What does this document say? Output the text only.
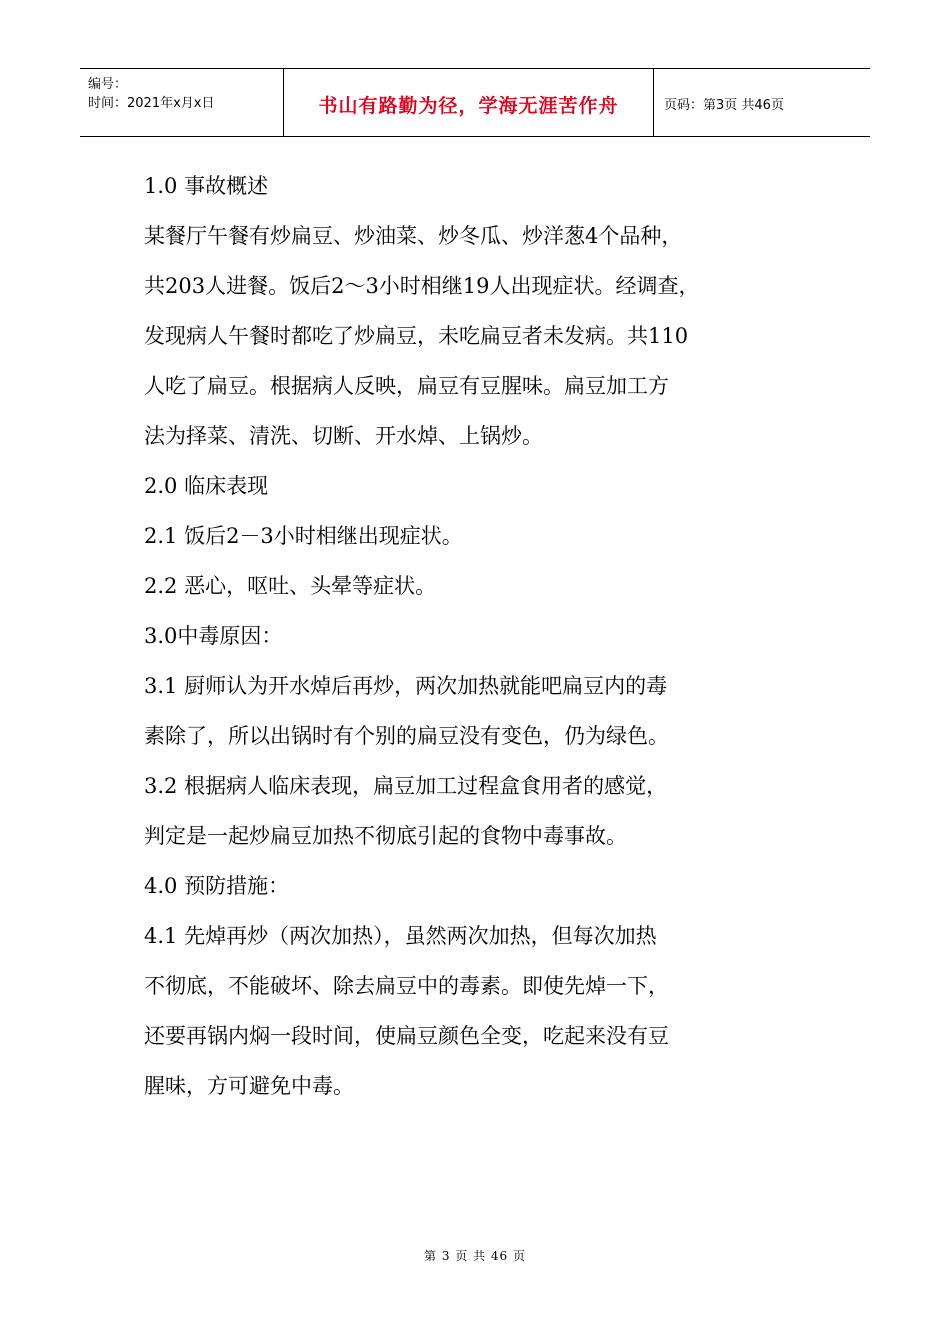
编号：
时间：2021年x月x日	书山有路勤为径，学海无涯苦作舟	页码：第3页 共46页

1.0 事故概述

某餐厅午餐有炒扁豆、炒油菜、炒冬瓜、炒洋葱4个品种，

共203人进餐。饭后2～3小时相继19人出现症状。经调查，

发现病人午餐时都吃了炒扁豆，未吃扁豆者未发病。共110

人吃了扁豆。根据病人反映，扁豆有豆腥味。扁豆加工方

法为择菜、清洗、切断、开水焯、上锅炒。

2.0 临床表现

2.1 饭后2－3小时相继出现症状。

2.2 恶心，呕吐、头晕等症状。

3.0中毒原因：

3.1 厨师认为开水焯后再炒，两次加热就能吧扁豆内的毒

素除了，所以出锅时有个别的扁豆没有变色，仍为绿色。

3.2 根据病人临床表现，扁豆加工过程盒食用者的感觉，

判定是一起炒扁豆加热不彻底引起的食物中毒事故。

4.0 预防措施：

4.1 先焯再炒（两次加热），虽然两次加热，但每次加热

不彻底，不能破坏、除去扁豆中的毒素。即使先焯一下，

还要再锅内焖一段时间，使扁豆颜色全变，吃起来没有豆

腥味，方可避免中毒。

第 3 页 共 46 页
